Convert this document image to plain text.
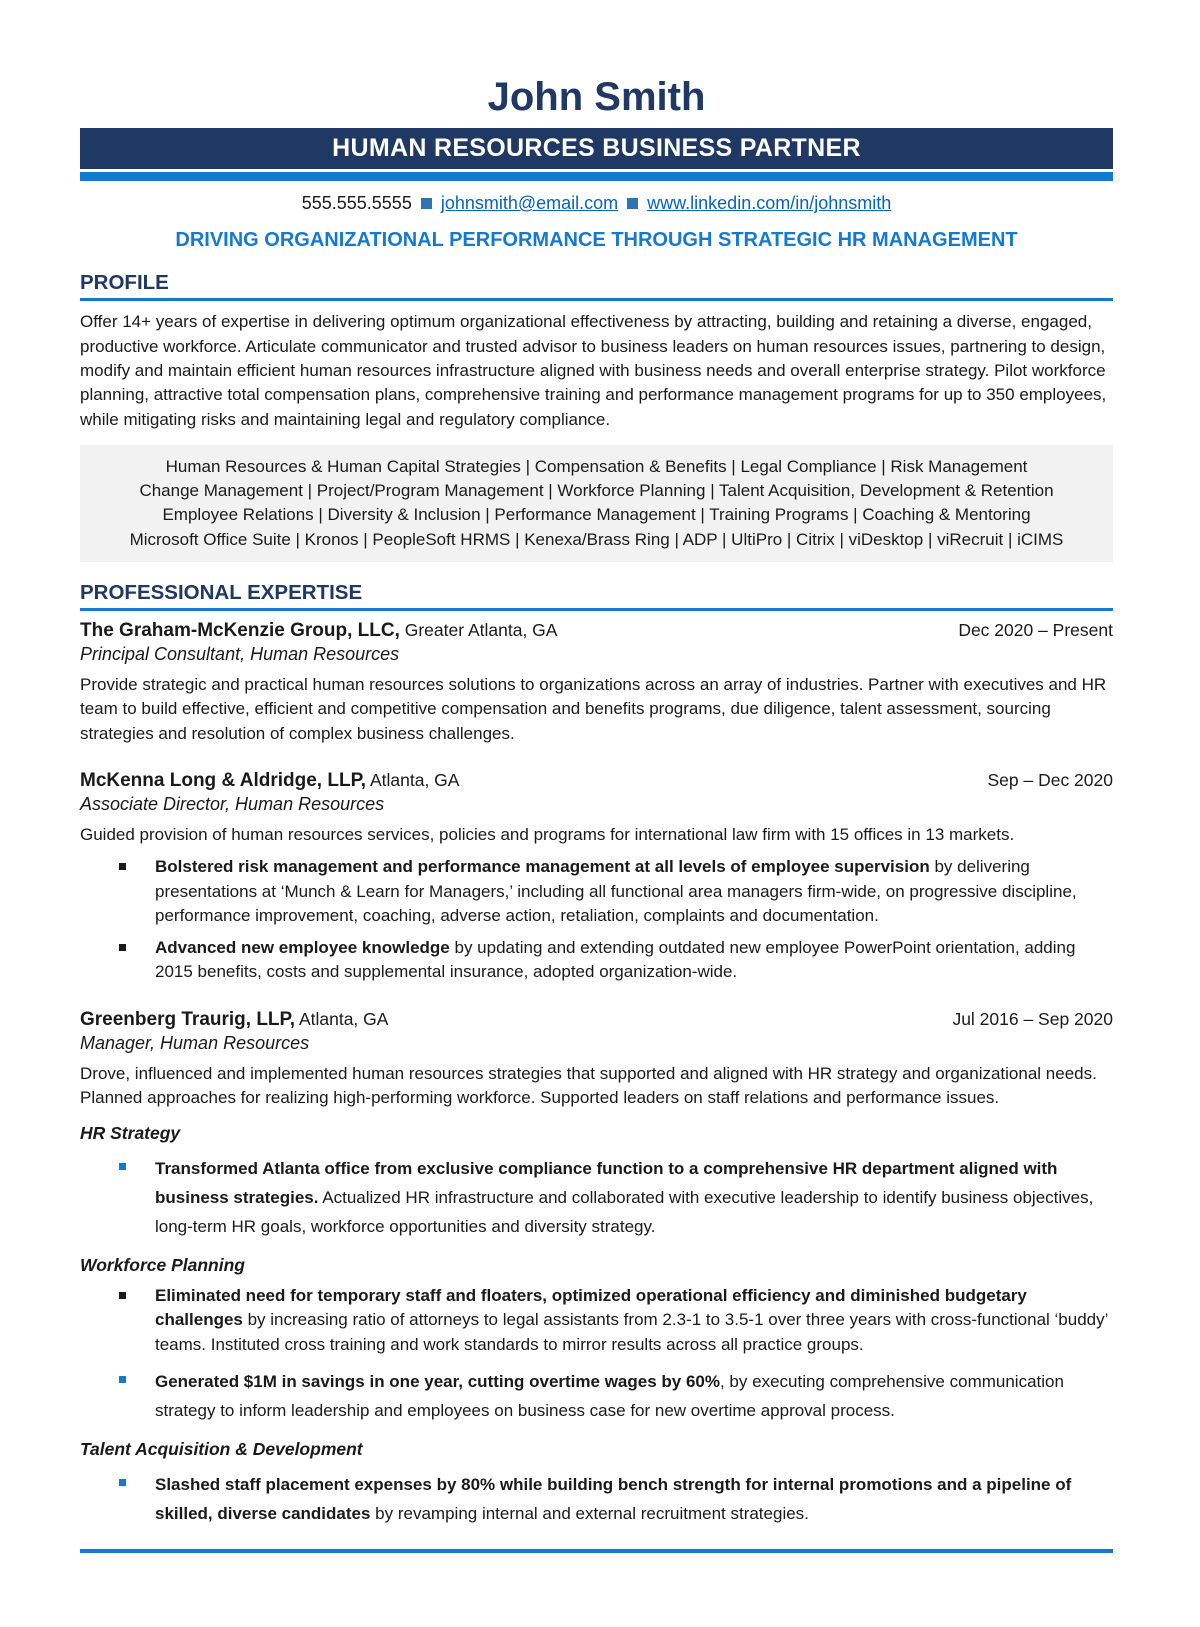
John Smith
HUMAN RESOURCES BUSINESS PARTNER
555.555.5555 johnsmith@email.com www.linkedin.com/in/johnsmith
DRIVING ORGANIZATIONAL PERFORMANCE THROUGH STRATEGIC HR MANAGEMENT
PROFILE
Offer 14+ years of expertise in delivering optimum organizational effectiveness by attracting, building and retaining a diverse, engaged, productive workforce. Articulate communicator and trusted advisor to business leaders on human resources issues, partnering to design, modify and maintain efficient human resources infrastructure aligned with business needs and overall enterprise strategy. Pilot workforce planning, attractive total compensation plans, comprehensive training and performance management programs for up to 350 employees, while mitigating risks and maintaining legal and regulatory compliance.
Human Resources & Human Capital Strategies | Compensation & Benefits | Legal Compliance | Risk Management
Change Management | Project/Program Management | Workforce Planning | Talent Acquisition, Development & Retention
Employee Relations | Diversity & Inclusion | Performance Management | Training Programs | Coaching & Mentoring
Microsoft Office Suite | Kronos | PeopleSoft HRMS | Kenexa/Brass Ring | ADP | UltiPro | Citrix | viDesktop | viRecruit | iCIMS
PROFESSIONAL EXPERTISE
The Graham-McKenzie Group, LLC, Greater Atlanta, GA	Dec 2020 – Present
Principal Consultant, Human Resources
Provide strategic and practical human resources solutions to organizations across an array of industries. Partner with executives and HR team to build effective, efficient and competitive compensation and benefits programs, due diligence, talent assessment, sourcing strategies and resolution of complex business challenges.
McKenna Long & Aldridge, LLP, Atlanta, GA	Sep – Dec 2020
Associate Director, Human Resources
Guided provision of human resources services, policies and programs for international law firm with 15 offices in 13 markets.
Bolstered risk management and performance management at all levels of employee supervision by delivering presentations at ‘Munch & Learn for Managers,’ including all functional area managers firm-wide, on progressive discipline, performance improvement, coaching, adverse action, retaliation, complaints and documentation.
Advanced new employee knowledge by updating and extending outdated new employee PowerPoint orientation, adding 2015 benefits, costs and supplemental insurance, adopted organization-wide.
Greenberg Traurig, LLP, Atlanta, GA	Jul 2016 – Sep 2020
Manager, Human Resources
Drove, influenced and implemented human resources strategies that supported and aligned with HR strategy and organizational needs. Planned approaches for realizing high-performing workforce. Supported leaders on staff relations and performance issues.
HR Strategy
Transformed Atlanta office from exclusive compliance function to a comprehensive HR department aligned with business strategies. Actualized HR infrastructure and collaborated with executive leadership to identify business objectives, long-term HR goals, workforce opportunities and diversity strategy.
Workforce Planning
Eliminated need for temporary staff and floaters, optimized operational efficiency and diminished budgetary challenges by increasing ratio of attorneys to legal assistants from 2.3-1 to 3.5-1 over three years with cross-functional ‘buddy’ teams. Instituted cross training and work standards to mirror results across all practice groups.
Generated $1M in savings in one year, cutting overtime wages by 60%, by executing comprehensive communication strategy to inform leadership and employees on business case for new overtime approval process.
Talent Acquisition & Development
Slashed staff placement expenses by 80% while building bench strength for internal promotions and a pipeline of skilled, diverse candidates by revamping internal and external recruitment strategies.
